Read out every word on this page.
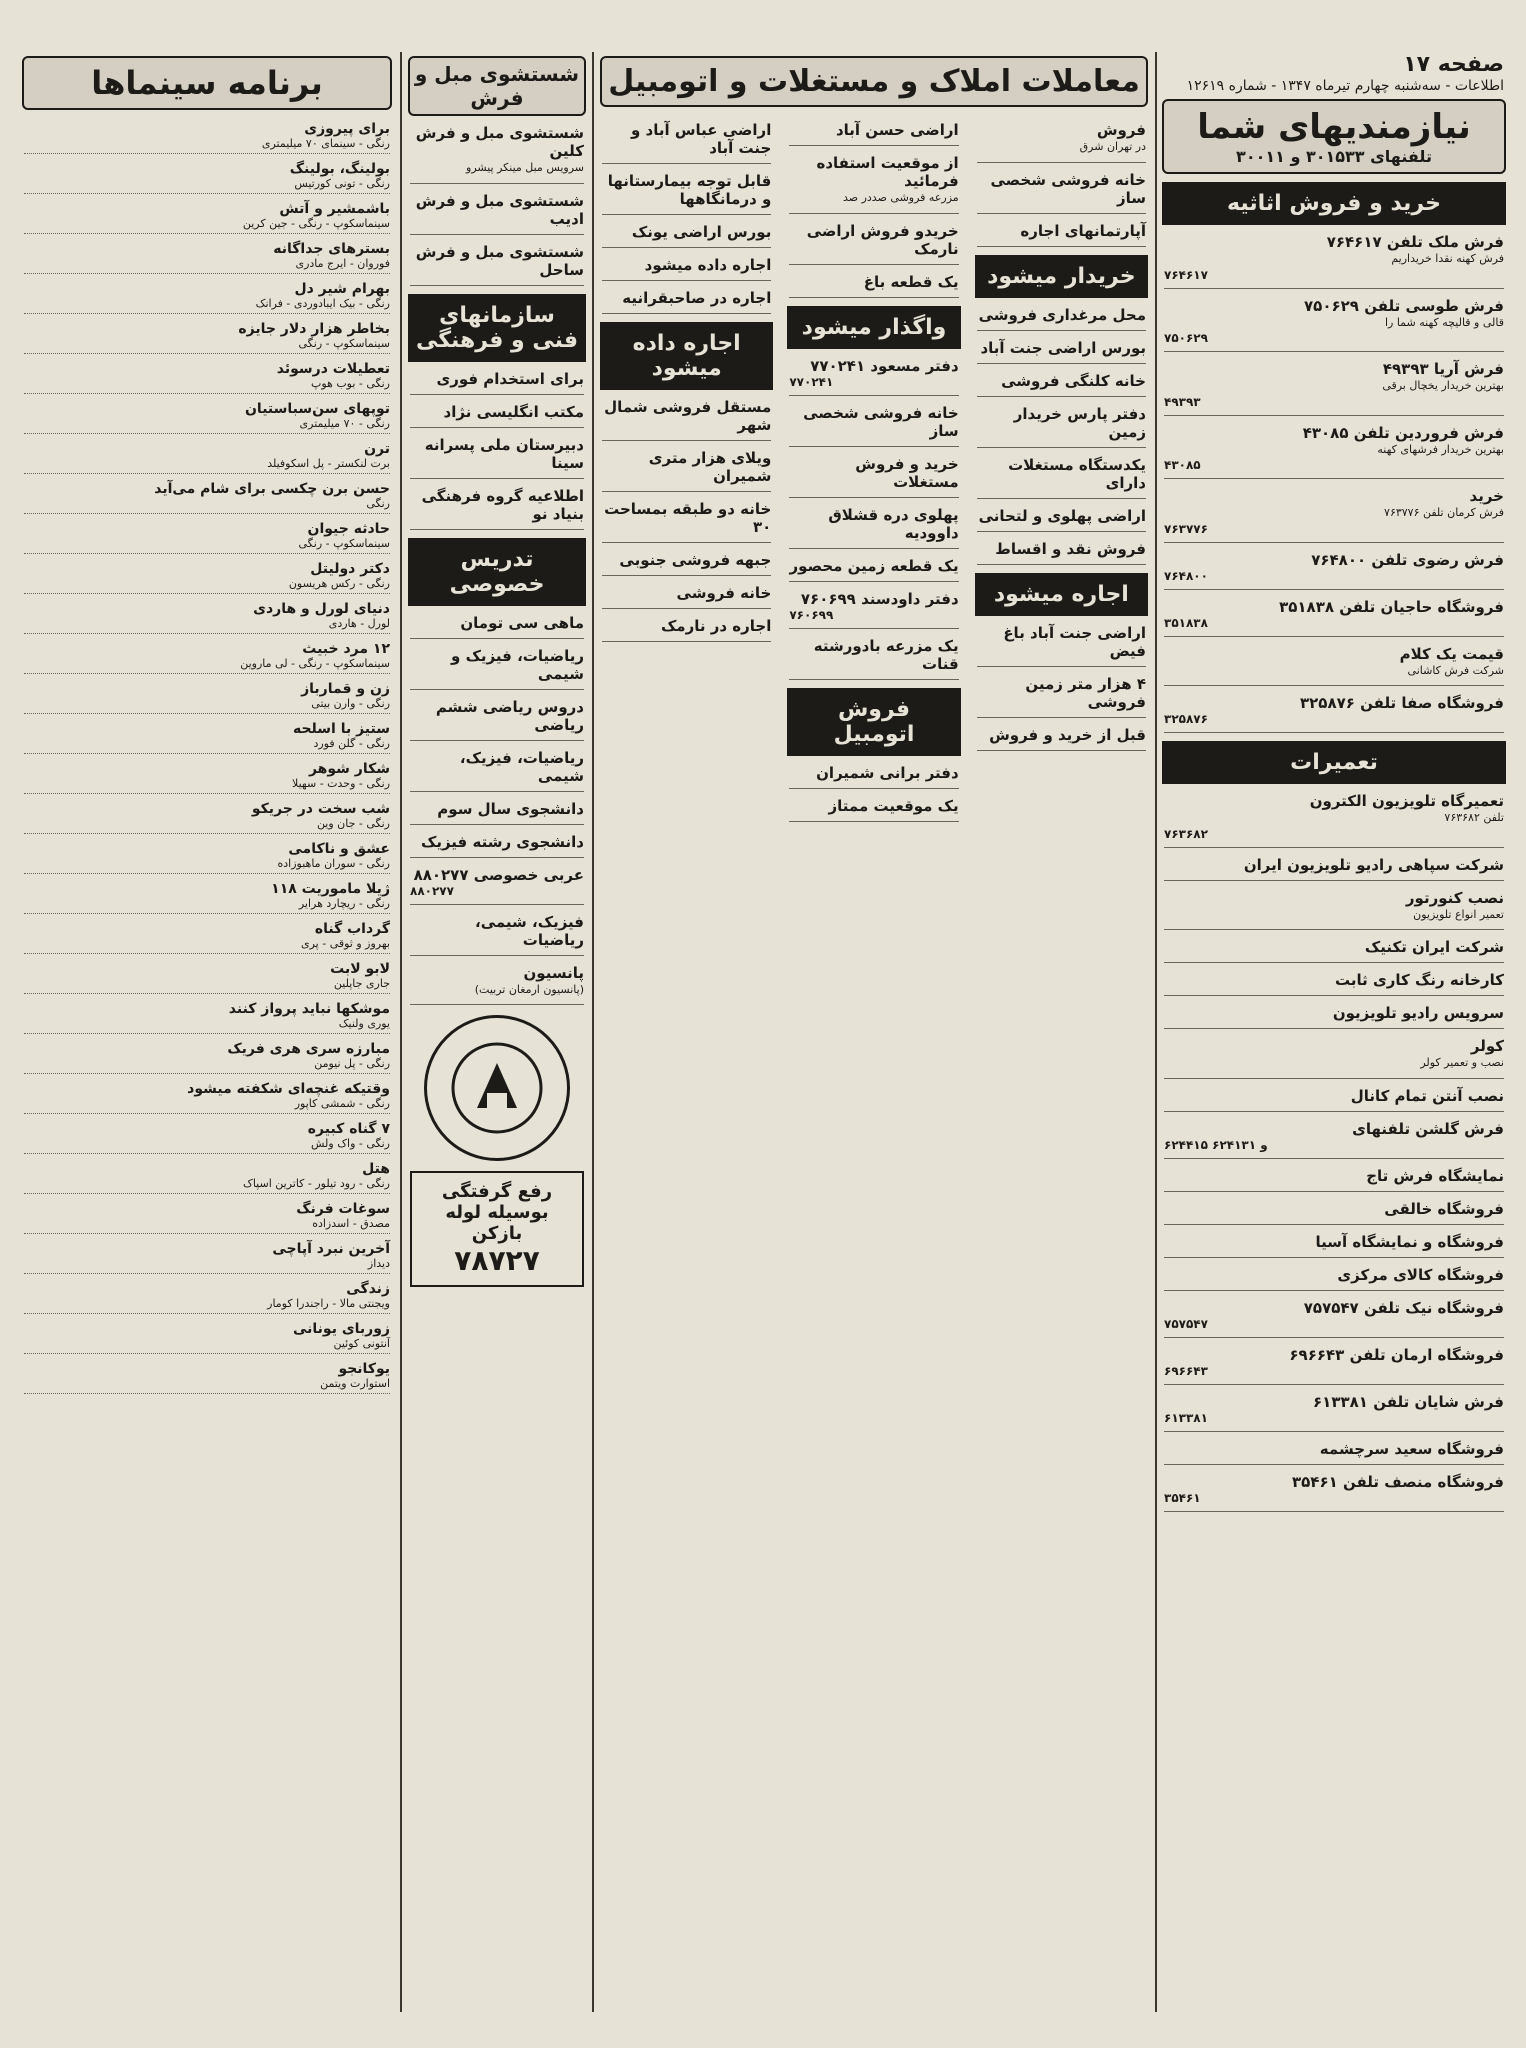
صفحه ۱۷
اطلاعات - سه‌شنبه چهارم تیرماه ۱۳۴۷ - شماره ۱۲۶۱۹
نیازمندیهای شما
تلفنهای ۳۰۱۵۳۳ و ۳۰۰۱۱
خرید و فروش اثاثیه
فرش ملک تلفن ۷۶۴۶۱۷
فرش کهنه نقدا خریداریم
۷۶۴۶۱۷
فرش طوسی تلفن ۷۵۰۶۲۹
قالی و قالیچه کهنه شما را
۷۵۰۶۲۹
فرش آریا ۴۹۳۹۳
بهترین خریدار یخچال برقی
۴۹۳۹۳
فرش فروردین تلفن ۴۳۰۸۵
بهترین خریدار فرشهای کهنه
۴۳۰۸۵
خرید
فرش کرمان تلفن ۷۶۳۷۷۶
۷۶۳۷۷۶
فرش رضوی تلفن ۷۶۴۸۰۰
۷۶۴۸۰۰
فروشگاه حاجیان تلفن ۳۵۱۸۳۸
۳۵۱۸۳۸
قیمت یک کلام
شرکت فرش کاشانی
فروشگاه صفا تلفن ۳۲۵۸۷۶
۳۲۵۸۷۶
تعمیرات
تعمیرگاه تلویزیون الکترون
تلفن ۷۶۳۶۸۲
۷۶۳۶۸۲
شرکت سپاهی رادیو تلویزیون ایران
نصب کنورتور
تعمیر انواع تلویزیون
شرکت ایران تکنیک
کارخانه رنگ کاری ثابت
سرویس رادیو تلویزیون
کولر
نصب و تعمیر کولر
نصب آنتن تمام کانال
فرش گلشن تلفنهای
۶۲۴۴۱۵ و ۶۲۴۱۳۱
نمایشگاه فرش تاج
فروشگاه خالقی
فروشگاه و نمایشگاه آسیا
فروشگاه کالای مرکزی
فروشگاه نیک تلفن ۷۵۷۵۴۷
۷۵۷۵۴۷
فروشگاه ارمان تلفن ۶۹۶۶۴۳
۶۹۶۶۴۳
فرش شایان تلفن ۶۱۳۳۸۱
۶۱۳۳۸۱
فروشگاه سعید سرچشمه
فروشگاه منصف تلفن ۳۵۴۶۱
۳۵۴۶۱
معاملات املاک و مستغلات و اتومبیل
فروش
در تهران شرق
خانه فروشی شخصی ساز
آپارتمانهای اجاره
خریدار میشود
محل مرغداری فروشی
بورس اراضی جنت آباد
خانه کلنگی فروشی
دفتر پارس خریدار زمین
یکدستگاه مستغلات دارای
اراضی پهلوی و لتحانی
فروش نقد و اقساط
اجاره میشود
اراضی جنت آباد باغ فیض
۴ هزار متر زمین فروشی
قبل از خرید و فروش
اراضی حسن آباد
از موقعیت استفاده فرمائید
مزرعه فروشی صددر صد
خریدو فروش اراضی نارمک
یک قطعه باغ
واگذار میشود
دفتر مسعود ۷۷۰۲۴۱
۷۷۰۲۴۱
خانه فروشی شخصی ساز
خرید و فروش مستغلات
پهلوی دره قشلاق داوودیه
یک قطعه زمین محصور
دفتر داودسند ۷۶۰۶۹۹
۷۶۰۶۹۹
یک مزرعه بادورشته قنات
فروش اتومبیل
دفتر برانی شمیران
یک موقعیت ممتاز
اراضی عباس آباد و جنت آباد
قابل توجه بیمارستانها و درمانگاهها
بورس اراضی یونک
اجاره داده میشود
اجاره در صاحبقرانیه
اجاره داده میشود
مستقل فروشی شمال شهر
ویلای هزار متری شمیران
خانه دو طبقه بمساحت ۳۰
جبهه فروشی جنوبی
خانه فروشی
اجاره در نارمک
شستشوی مبل و فرش
شستشوی مبل و فرش کلین
سرویس مبل مینکر پیشرو
شستشوی مبل و فرش ادیب
شستشوی مبل و فرش ساحل
سازمانهای فنی و فرهنگی
برای استخدام فوری
مکتب انگلیسی نژاد
دبیرستان ملی پسرانه سینا
اطلاعیه گروه فرهنگی بنیاد نو
تدریس خصوصی
ماهی سی تومان
ریاضیات، فیزیک و شیمی
دروس ریاضی ششم ریاضی
ریاضیات، فیزیک، شیمی
دانشجوی سال سوم
دانشجوی رشته فیزیک
عربی خصوصی ۸۸۰۲۷۷
۸۸۰۲۷۷
فیزیک، شیمی، ریاضیات
پانسیون
(پانسیون ارمغان تربیت)
رفع گرفتگی بوسیله لوله بازکن
۷۸۷۲۷
برنامه سینماها
برای پیروزی
رنگی - سینمای ۷۰ میلیمتری
بولینگ، بولینگ
رنگی - تونی کورتیس
باشمشیر و آتش
سینماسکوپ - رنگی - جین کرین
بسترهای جداگانه
فوروان - ایرج مادری
بهرام شیر دل
رنگی - بیک ایبادوردی - فرانک
بخاطر هزار دلار جایزه
سینماسکوپ - رنگی
تعطیلات درسوئد
رنگی - بوب هوپ
توپهای سن‌سباستیان
رنگی - ۷۰ میلیمتری
ترن
برت لنکستر - پل اسکوفیلد
حسن برن چکسی برای شام می‌آید
رنگی
حادثه جیوان
سینماسکوپ - رنگی
دکتر دولیتل
رنگی - رکس هریسون
دنیای لورل و هاردی
لورل - هاردی
۱۲ مرد خبیث
سینماسکوپ - رنگی - لی ماروین
زن و قمارباز
رنگی - وارن بیتی
ستیز با اسلحه
رنگی - گلن فورد
شکار شوهر
رنگی - وحدت - سهیلا
شب سخت در جریکو
رنگی - جان وین
عشق و ناکامی
رنگی - سوران ماهبوزاده
ژیلا ماموریت ۱۱۸
رنگی - ریچارد هرایر
گرداب گناه
بهروز و ثوقی - پری
لابو لابت
جاری جاپلین
موشکها نباید پرواز کنند
یوری ولنیک
مبارزه سری هری فریک
رنگی - پل نیومن
وقتیکه غنچه‌ای شکفته میشود
رنگی - شمشی کاپور
۷ گناه کبیره
رنگی - واک ولش
هتل
رنگی - رود تیلور - کاترین اسپاک
سوغات فرنگ
مصدق - اسدزاده
آخرین نبرد آپاچی
دیداز
زندگی
ویجنتی مالا - راجندرا کومار
زوربای یونانی
آنتونی کوئین
یوکانجو
استوارت ویتمن
